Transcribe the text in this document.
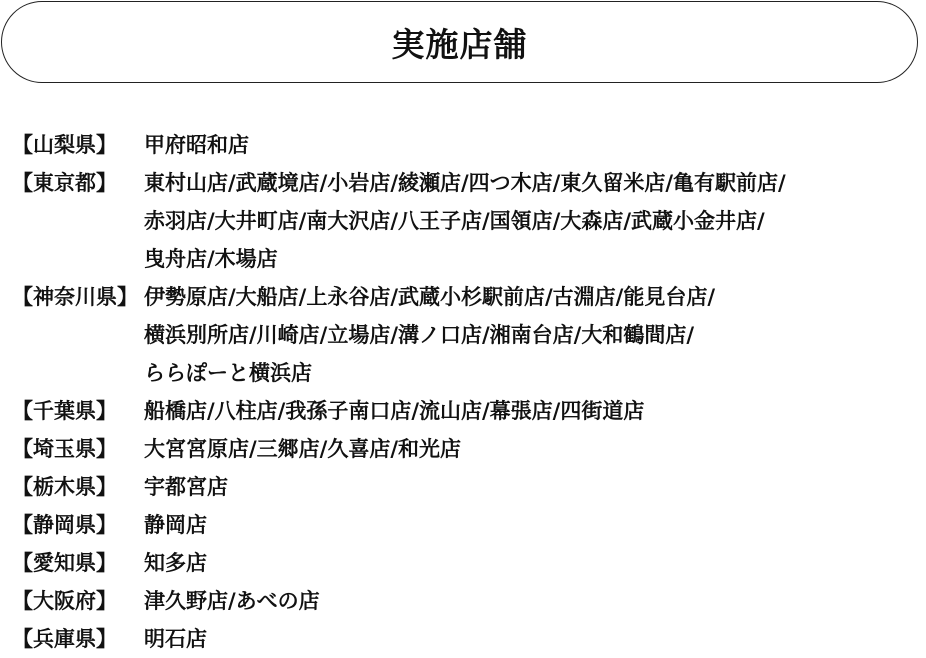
実施店舗
【山梨県】	甲府昭和店
【東京都】	東村山店/武蔵境店/小岩店/綾瀬店/四つ木店/東久留米店/亀有駅前店/
赤羽店/大井町店/南大沢店/八王子店/国領店/大森店/武蔵小金井店/
曳舟店/木場店
【神奈川県】 伊勢原店/大船店/上永谷店/武蔵小杉駅前店/古淵店/能見台店/
横浜別所店/川崎店/立場店/溝ノ口店/湘南台店/大和鶴間店/
ららぽーと横浜店
【千葉県】	船橋店/八柱店/我孫子南口店/流山店/幕張店/四街道店
【埼玉県】	大宮宮原店/三郷店/久喜店/和光店
【栃木県】	宇都宮店
【静岡県】	静岡店
【愛知県】	知多店
【大阪府】	津久野店/あべの店
【兵庫県】	明石店
